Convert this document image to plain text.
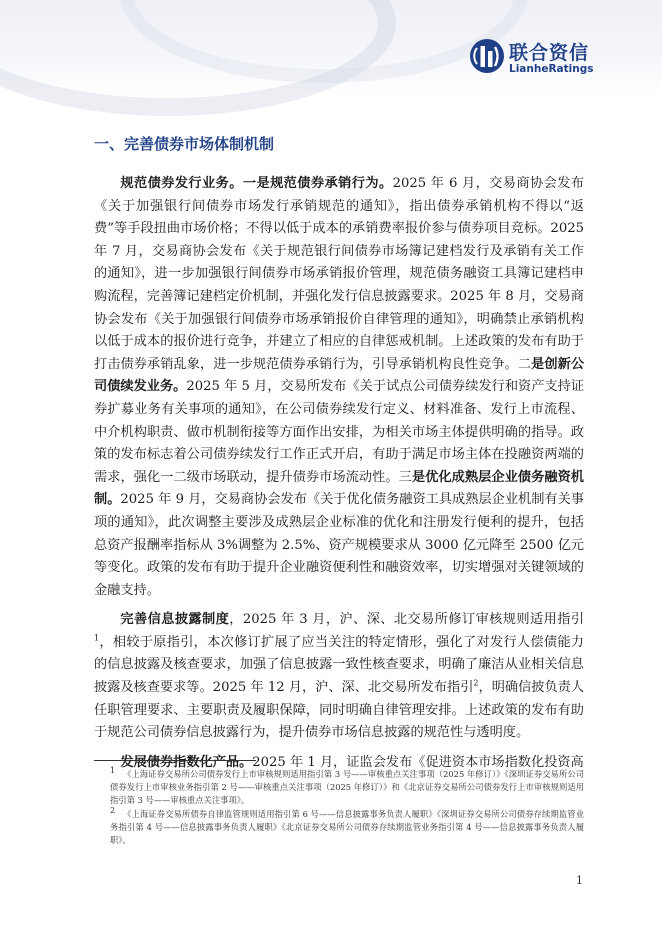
联合资信
LianheRatings
一、完善债券市场体制机制

规范债券发行业务。一是规范债券承销行为。2025 年 6 月，交易商协会发布《关于加强银行间债券市场发行承销规范的通知》，指出债券承销机构不得以“返费”等手段扭曲市场价格；不得以低于成本的承销费率报价参与债券项目竞标。2025 年 7 月，交易商协会发布《关于规范银行间债券市场簿记建档发行及承销有关工作的通知》，进一步加强银行间债券市场承销报价管理，规范债务融资工具簿记建档申购流程，完善簿记建档定价机制，并强化发行信息披露要求。2025 年 8 月，交易商协会发布《关于加强银行间债券市场承销报价自律管理的通知》，明确禁止承销机构以低于成本的报价进行竞争，并建立了相应的自律惩戒机制。上述政策的发布有助于打击债券承销乱象，进一步规范债券承销行为，引导承销机构良性竞争。二是创新公司债续发业务。2025 年 5 月，交易所发布《关于试点公司债券续发行和资产支持证券扩募业务有关事项的通知》，在公司债券续发行定义、材料准备、发行上市流程、中介机构职责、做市机制衔接等方面作出安排，为相关市场主体提供明确的指导。政策的发布标志着公司债券续发行工作正式开启，有助于满足市场主体在投融资两端的需求，强化一二级市场联动，提升债券市场流动性。三是优化成熟层企业债务融资机制。2025 年 9 月，交易商协会发布《关于优化债务融资工具成熟层企业机制有关事项的通知》，此次调整主要涉及成熟层企业标准的优化和注册发行便利的提升，包括总资产报酬率指标从 3%调整为 2.5%、资产规模要求从 3000 亿元降至 2500 亿元等变化。政策的发布有助于提升企业融资便利性和融资效率，切实增强对关键领域的金融支持。

完善信息披露制度，2025 年 3 月，沪、深、北交易所修订审核规则适用指引$^1$，相较于原指引，本次修订扩展了应当关注的特定情形，强化了对发行人偿债能力的信息披露及核查要求，加强了信息披露一致性核查要求，明确了廉洁从业相关信息披露及核查要求等。2025 年 12 月，沪、深、北交易所发布指引$^2$，明确信披负责人任职管理要求、主要职责及履职保障，同时明确自律管理安排。上述政策的发布有助于规范公司债券信息披露行为，提升债券市场信息披露的规范性与透明度。

发展债券指数化产品。2025 年 1 月，证监会发布《促进资本市场指数化投资高

$^1$ 《上海证券交易所公司债券发行上市审核规则适用指引第 3 号——审核重点关注事项（2025 年修订）》《深圳证券交易所公司债券发行上市审核业务指引第 2 号——审核重点关注事项（2025 年修订）》和《北京证券交易所公司债券发行上市审核规则适用指引第 3 号——审核重点关注事项》。

$^2$ 《上海证券交易所债券自律监管规则适用指引第 6 号——信息披露事务负责人履职》《深圳证券交易所公司债券存续期监管业务指引第 4 号——信息披露事务负责人履职》《北京证券交易所公司债券存续期监管业务指引第 4 号——信息披露事务负责人履职》。

1
